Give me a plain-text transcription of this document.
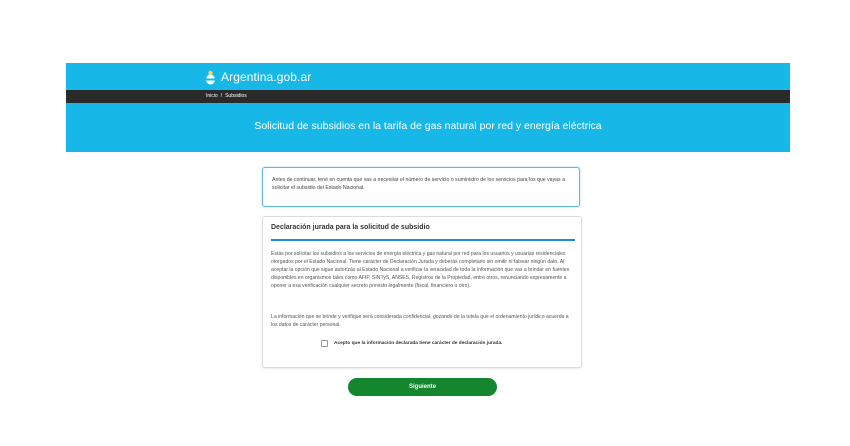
Argentina.gob.ar
Inicio / Subsidios
Solicitud de subsidios en la tarifa de gas natural por red y energía eléctrica
Antes de continuar, tené en cuenta que vas a necesitar el número de servicio o suministro de los servicios para los que vayas a solicitar el subsidio del Estado Nacional.
Declaración jurada para la solicitud de subsidio

Estás por solicitar los subsidios a los servicios de energía eléctrica y gas natural por red para los usuarios y usuarias residenciales otorgados por el Estado Nacional. Tiene carácter de Declaración Jurada y deberás completarlo sin omitir ni falsear ningún dato. Al aceptar la opción que sigue autorizás al Estado Nacional a verificar la veracidad de toda la información que vas a brindar en fuentes disponibles en organismos tales como AFIP, SINTyS, ANSES, Registros de la Propiedad, entre otros, renunciando expresamente a oponer a esa verificación cualquier secreto previsto legalmente (fiscal, financiero u otro).

La información que se brinde y verifique será considerada confidencial, gozando de la tutela que el ordenamiento jurídico acuerda a los datos de carácter personal.

Acepto que la información declarada tiene carácter de declaración jurada.
Siguiente
